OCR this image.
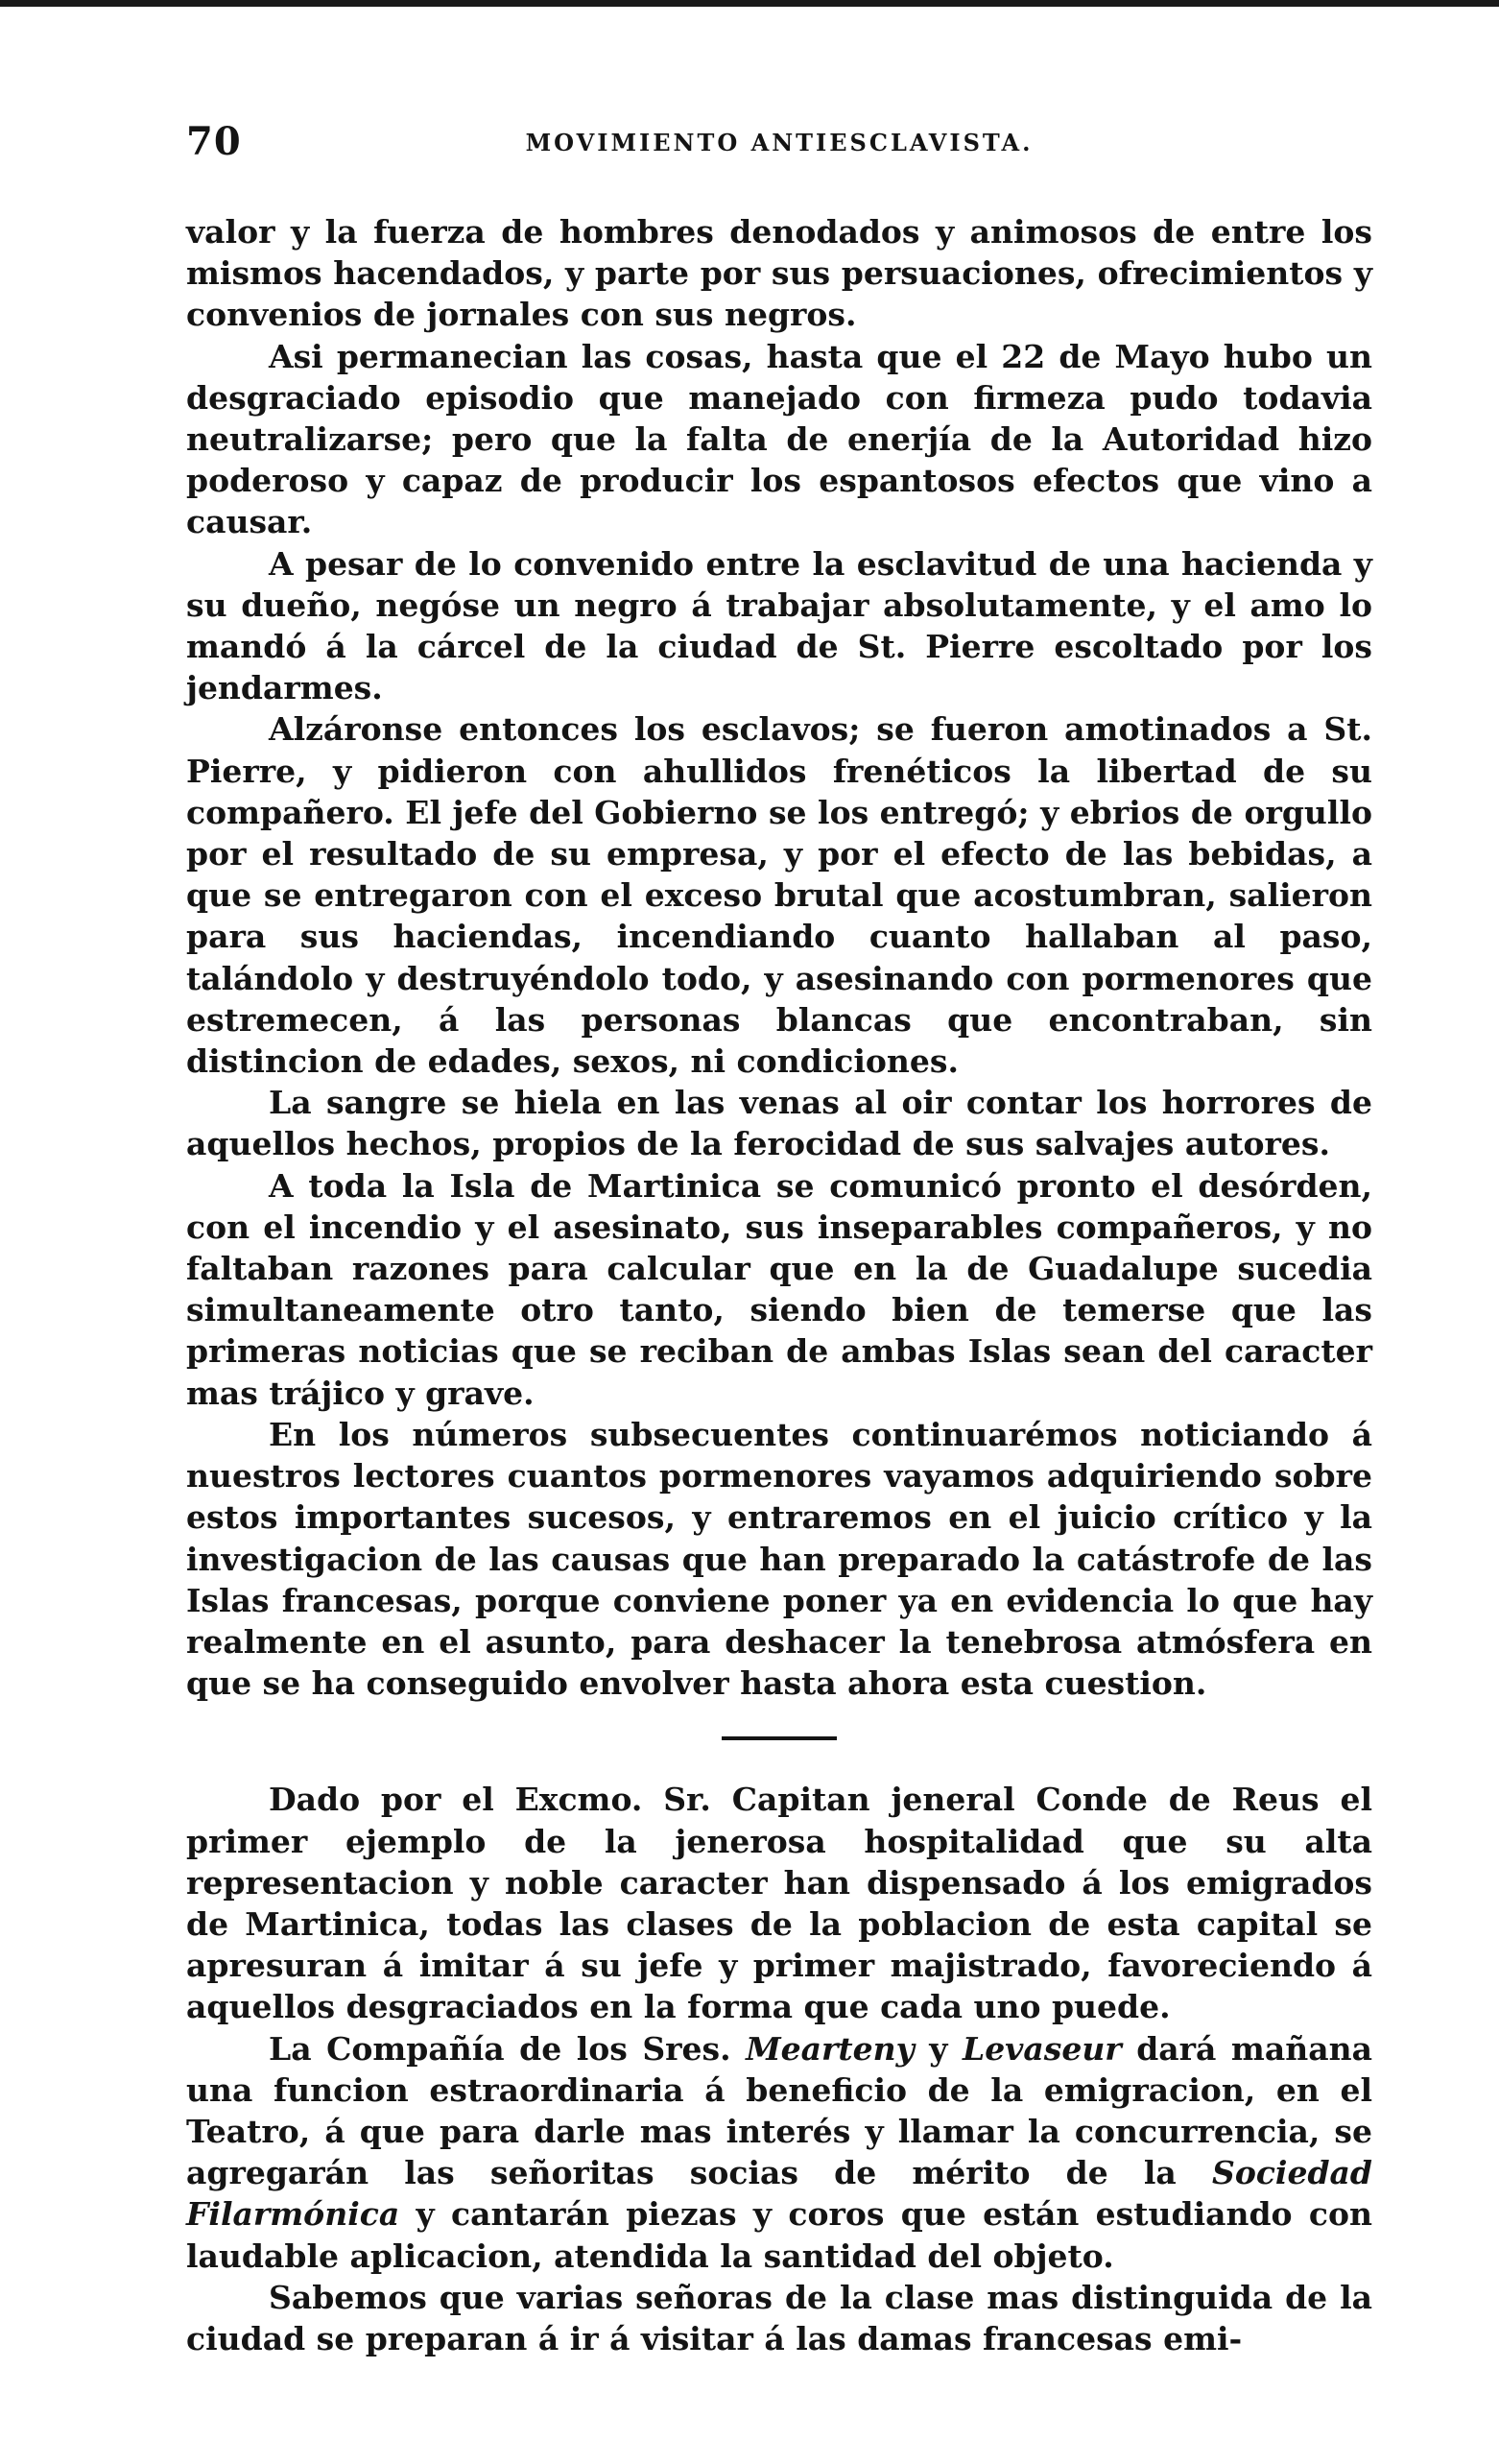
70	MOVIMIENTO ANTIESCLAVISTA.

valor y la fuerza de hombres denodados y animosos de entre los mismos hacendados, y parte por sus persuaciones, ofrecimientos y convenios de jornales con sus negros.

Asi permanecian las cosas, hasta que el 22 de Mayo hubo un desgraciado episodio que manejado con firmeza pudo todavia neutralizarse; pero que la falta de enerjía de la Autoridad hizo poderoso y capaz de producir los espantosos efectos que vino a causar.

A pesar de lo convenido entre la esclavitud de una hacienda y su dueño, negóse un negro á trabajar absolutamente, y el amo lo mandó á la cárcel de la ciudad de St. Pierre escoltado por los jendarmes.

Alzáronse entonces los esclavos; se fueron amotinados a St. Pierre, y pidieron con ahullidos frenéticos la libertad de su compañero. El jefe del Gobierno se los entregó; y ebrios de orgullo por el resultado de su empresa, y por el efecto de las bebidas, a que se entregaron con el exceso brutal que acostumbran, salieron para sus haciendas, incendiando cuanto hallaban al paso, talándolo y destruyéndolo todo, y asesinando con pormenores que estremecen, á las personas blancas que encontraban, sin distincion de edades, sexos, ni condiciones.

La sangre se hiela en las venas al oir contar los horrores de aquellos hechos, propios de la ferocidad de sus salvajes autores.

A toda la Isla de Martinica se comunicó pronto el desórden, con el incendio y el asesinato, sus inseparables compañeros, y no faltaban razones para calcular que en la de Guadalupe sucedia simultaneamente otro tanto, siendo bien de temerse que las primeras noticias que se reciban de ambas Islas sean del caracter mas trájico y grave.

En los números subsecuentes continuarémos noticiando á nuestros lectores cuantos pormenores vayamos adquiriendo sobre estos importantes sucesos, y entraremos en el juicio crítico y la investigacion de las causas que han preparado la catástrofe de las Islas francesas, porque conviene poner ya en evidencia lo que hay realmente en el asunto, para deshacer la tenebrosa atmósfera en que se ha conseguido envolver hasta ahora esta cuestion.

Dado por el Excmo. Sr. Capitan jeneral Conde de Reus el primer ejemplo de la jenerosa hospitalidad que su alta representacion y noble caracter han dispensado á los emigrados de Martinica, todas las clases de la poblacion de esta capital se apresuran á imitar á su jefe y primer majistrado, favoreciendo á aquellos desgraciados en la forma que cada uno puede.

La Compañía de los Sres. Mearteny y Levaseur dará mañana una funcion estraordinaria á beneficio de la emigracion, en el Teatro, á que para darle mas interés y llamar la concurrencia, se agregarán las señoritas socias de mérito de la Sociedad Filarmónica y cantarán piezas y coros que están estudiando con laudable aplicacion, atendida la santidad del objeto.

Sabemos que varias señoras de la clase mas distinguida de la ciudad se preparan á ir á visitar á las damas francesas emi-
